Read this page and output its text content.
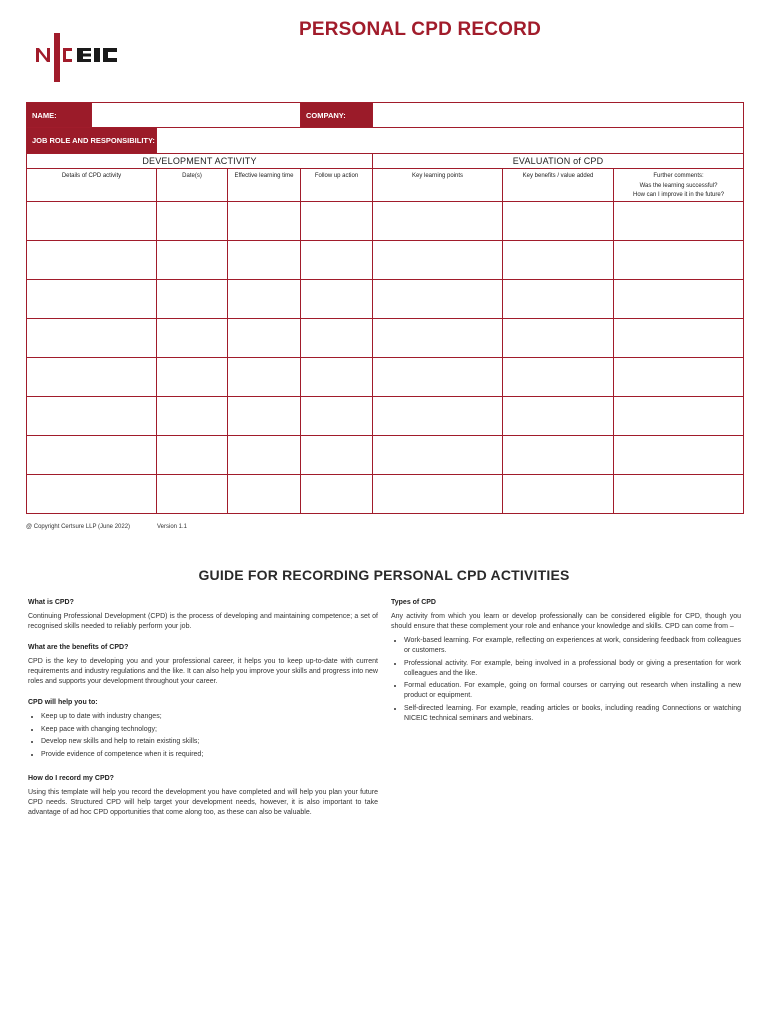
PERSONAL CPD RECORD
NAME:				COMPANY:			
JOB ROLE AND RESPONSIBILITY:							
DEVELOPMENT ACTIVITY					EVALUATION of CPD		
Details of CPD activity		Date(s)	Effective learning time	Follow up action	Key learning points	Key benefits / value added	Further comments:
Was the learning successful?
How can I improve it in the future?

@ Copyright Certsure LLP (June 2022)	Version 1.1
GUIDE FOR RECORDING PERSONAL CPD ACTIVITIES
What is CPD?
Continuing Professional Development (CPD) is the process of developing and maintaining competence; a set of recognised skills needed to reliably perform your job.
What are the benefits of CPD?
CPD is the key to developing you and your professional career, it helps you to keep up-to-date with current requirements and industry regulations and the like. It can also help you improve your skills and progress into new roles and supports your development throughout your career.
CPD will help you to:
• Keep up to date with industry changes;
• Keep pace with changing technology;
• Develop new skills and help to retain existing skills;
• Provide evidence of competence when it is required;
How do I record my CPD?
Using this template will help you record the development you have completed and will help you plan your future CPD needs. Structured CPD will help target your development needs, however, it is also important to take advantage of ad hoc CPD opportunities that come along too, as these can also be valuable.
Types of CPD
Any activity from which you learn or develop professionally can be considered eligible for CPD, though you should ensure that these complement your role and enhance your knowledge and skills. CPD can come from –
• Work-based learning. For example, reflecting on experiences at work, considering feedback from colleagues or customers.
• Professional activity. For example, being involved in a professional body or giving a presentation for work colleagues and the like.
• Formal education. For example, going on formal courses or carrying out research when installing a new product or equipment.
• Self-directed learning. For example, reading articles or books, including reading Connections or watching NICEIC technical seminars and webinars.
